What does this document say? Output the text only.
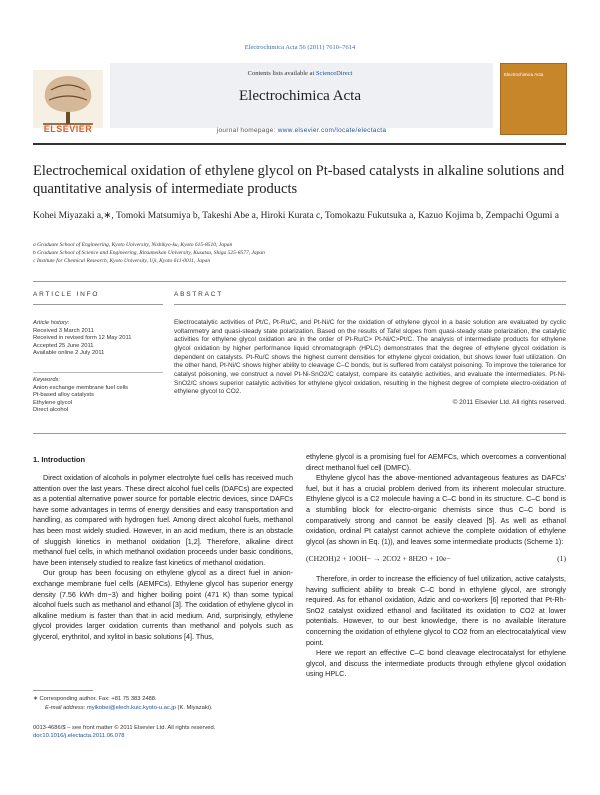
Electrochimica Acta 56 (2011) 7610–7614
Contents lists available at ScienceDirect
Electrochimica Acta
journal homepage: www.elsevier.com/locate/electacta
ELSEVIER
Electrochimica Acta
Electrochemical oxidation of ethylene glycol on Pt-based catalysts in alkaline solutions and quantitative analysis of intermediate products
Kohei Miyazaki a,∗, Tomoki Matsumiya b, Takeshi Abe a, Hiroki Kurata c, Tomokazu Fukutsuka a, Kazuo Kojima b, Zempachi Ogumi a
a Graduate School of Engineering, Kyoto University, Nishikyo-ku, Kyoto 615-8510, Japan
b Graduate School of Science and Engineering, Ritsumeikan University, Kusatsu, Shiga 525-8577, Japan
c Institute for Chemical Research, Kyoto University, Uji, Kyoto 611-0011, Japan
ARTICLE INFO	ABSTRACT
Article history:
Received 3 March 2011
Received in revised form 12 May 2011
Accepted 25 June 2011
Available online 2 July 2011
Keywords:
Anion exchange membrane fuel cells
Pt-based alloy catalysts
Ethylene glycol
Direct alcohol
Electrocatalytic activities of Pt/C, Pt-Ru/C, and Pt-Ni/C for the oxidation of ethylene glycol in a basic solution are evaluated by cyclic voltammetry and quasi-steady state polarization. Based on the results of Tafel slopes from quasi-steady state polarization, the catalytic activities for ethylene glycol oxidation are in the order of Pt-Ru/C> Pt-Ni/C>Pt/C. The analysis of intermediate products for ethylene glycol oxidation by higher performance liquid chromatograph (HPLC) demonstrates that the degree of ethylene glycol oxidation is dependent on catalysts. Pt-Ru/C shows the highest current densities for ethylene glycol oxidation, but shows lower fuel utilization. On the other hand, Pt-Ni/C shows higher ability to cleavage C–C bonds, but is suffered from catalyst poisoning. To improve the tolerance for catalyst poisoning, we construct a novel Pt-Ni-SnO2/C catalyst, compare its catalytic activities, and evaluate the intermediates. Pt-Ni-SnO2/C shows superior catalytic activities for ethylene glycol oxidation, resulting in the highest degree of complete electro-oxidation of ethylene glycol to CO2.
© 2011 Elsevier Ltd. All rights reserved.
1. Introduction

Direct oxidation of alcohols in polymer electrolyte fuel cells has received much attention over the last years. These direct alcohol fuel cells (DAFCs) are expected as a potential alternative power source for portable electric devices, since DAFCs have some advantages in terms of energy densities and easy transportation and handling, as compared with hydrogen fuel. Among direct alcohol fuels, methanol has been most widely studied. However, in an acid medium, there is an obstacle of sluggish kinetics in methanol oxidation [1,2]. Therefore, alkaline direct methanol fuel cells, in which methanol oxidation proceeds under basic conditions, have been intensely studied to realize fast kinetics of methanol oxidation.

Our group has been focusing on ethylene glycol as a direct fuel in anion-exchange membrane fuel cells (AEMFCs). Ethylene glycol has superior energy density (7.56 kWh dm−3) and higher boiling point (471 K) than some typical alcohol fuels such as methanol and ethanol [3]. The oxidation of ethylene glycol in alkaline medium is faster than that in acid medium. And, surprisingly, ethylene glycol provides larger oxidation currents than methanol and polyols such as glycerol, erythritol, and xylitol in basic solutions [4]. Thus,

ethylene glycol is a promising fuel for AEMFCs, which overcomes a conventional direct methanol fuel cell (DMFC).

Ethylene glycol has the above-mentioned advantageous features as DAFCs' fuel, but it has a crucial problem derived from its inherent molecular structure. Ethylene glycol is a C2 molecule having a C–C bond in its structure. C–C bond is a stumbling block for electro-organic chemists since thus C–C bond is comparatively strong and cannot be easily cleaved [5]. As well as ethanol oxidation, ordinal Pt catalyst cannot achieve the complete oxidation of ethylene glycol (as shown in Eq. (1)), and leaves some intermediate products (Scheme 1):

(CH2OH)2 + 10OH− → 2CO2 + 8H2O + 10e−	(1)

Therefore, in order to increase the efficiency of fuel utilization, active catalysts, having sufficient ability to break C–C bond in ethylene glycol, are strongly required. As for ethanol oxidation, Adzic and co-workers [6] reported that Pt-Rh-SnO2 catalyst oxidized ethanol and facilitated its oxidation to CO2 at lower potentials. However, to our best knowledge, there is no available literature concerning the oxidation of ethylene glycol to CO2 from an electrocatalytical view point.

Here we report an effective C–C bond cleavage electrocatalyst for ethylene glycol, and discuss the intermediate products through ethylene glycol oxidation using HPLC.

∗ Corresponding author. Fax: +81 75 383 2488.
E-mail address: myikobei@elech.kuic.kyoto-u.ac.jp (K. Miyazaki).
0013-4686/$ – see front matter © 2011 Elsevier Ltd. All rights reserved.
doi:10.1016/j.electacta.2011.06.078
